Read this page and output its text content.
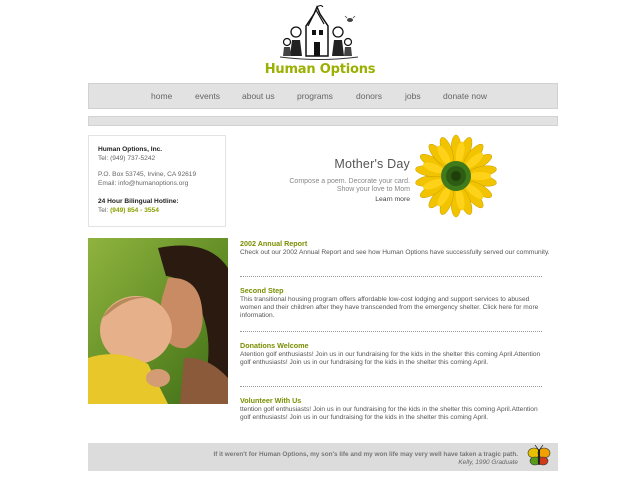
Human Options
home	events	about us	programs	donors	jobs	donate now
Human Options, Inc.
Tel: (949) 737-5242
P.O. Box 53745, Irvine, CA 92619
Email: info@humanoptions.org
24 Hour Bilingual Hotline:
Tel: (949) 854 - 3554
Mother's Day
Compose a poem. Decorate your card. Show your love to Mom
Learn more
2002 Annual Report

Check out our 2002 Annual Report and see how Human Options have successfully served our community.

Second Step

This transitional housing program offers affordable low-cost lodging and support services to abused women and their children after they have transcended from the emergency shelter. Click here for more information.

Donations Welcome

Atention golf enthusiasts! Join us in our fundraising for the kids in the shelter this coming April.Attention golf enthusiasts! Join us in our fundraising for the kids in the shelter this coming April.

Volunteer With Us

ttention golf enthusiasts! Join us in our fundraising for the kids in the shelter this coming April.Attention golf enthusiasts! Join us in our fundraising for the kids in the shelter this coming April.

If it weren't for Human Options, my son's life and my won life may very well have taken a tragic path.
Kelly, 1990 Graduate
